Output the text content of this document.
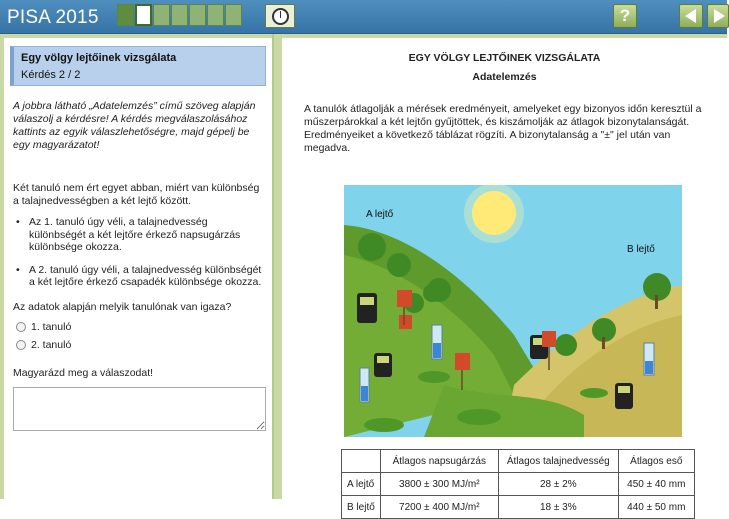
PISA 2015	?
Egy völgy lejtőinek vizsgálata
Kérdés 2 / 2
A jobbra látható „Adatelemzés” című szöveg alapján válaszolj a kérdésre! A kérdés megválaszolásához kattints az egyik válaszlehetőségre, majd gépelj be egy magyarázatot!
Két tanuló nem ért egyet abban, miért van különbség a talajnedvességben a két lejtő között.
• Az 1. tanuló úgy véli, a talajnedvesség különbségét a két lejtőre érkező napsugárzás különbsége okozza.
• A 2. tanuló úgy véli, a talajnedvesség különbségét a két lejtőre érkező csapadék különbsége okozza.
Az adatok alapján melyik tanulónak van igaza?
1. tanuló
2. tanuló
Magyarázd meg a válaszodat!
EGY VÖLGY LEJTŐINEK VIZSGÁLATA
Adatelemzés
A tanulók átlagolják a mérések eredményeit, amelyeket egy bizonyos időn keresztül a műszerpárokkal a két lejtőn gyűjtöttek, és kiszámolják az átlagok bizonytalanságát. Eredményeiket a következő táblázat rögzíti. A bizonytalanság a "±" jel után van megadva.
A lejtő
B lejtő
	Átlagos napsugárzás	Átlagos talajnedvesség	Átlagos eső
A lejtő	3800 ± 300 MJ/m²	28 ± 2%	450 ± 40 mm
B lejtő	7200 ± 400 MJ/m²	18 ± 3%	440 ± 50 mm
